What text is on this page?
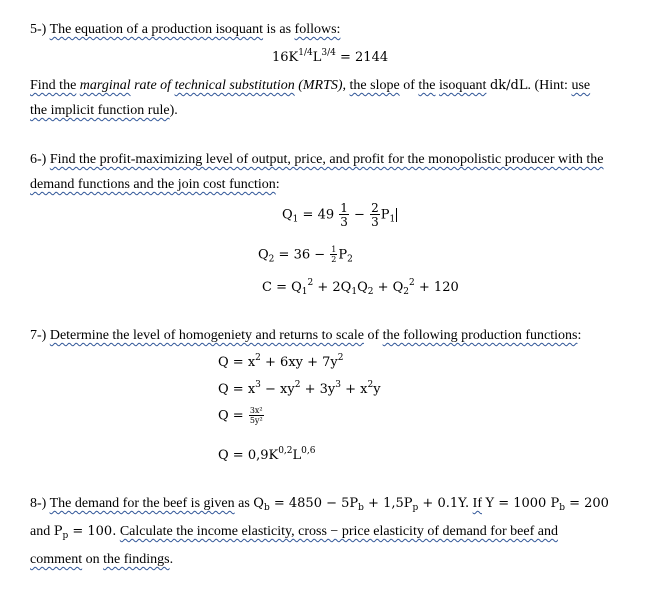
5-) The equation of a production isoquant is as follows:
$16K^{1/4}L^{3/4} = 2144$
Find the marginal rate of technical substitution (MRTS), the slope of the isoquant dk/dL. (Hint: use
the implicit function rule).
6-) Find the profit-maximizing level of output, price, and profit for the monopolistic producer with the
demand functions and the join cost function:
$Q_1 = 49 \frac{1}{3} - \frac{2}{3} P_1$
$Q_2 = 36 - \frac{1}{2} P_2$
$C = Q_1^2 + 2Q_1Q_2 + Q_2^2 + 120$
7-) Determine the level of homogeniety and returns to scale of the following production functions:
$Q = x^2 + 6xy + 7y^2$
$Q = x^3 - xy^2 + 3y^3 + x^2y$
$Q = \frac{\text{3x²}}{\text{5y²}}$
$Q = 0,9K^{0,2}L^{0,6}$
8-) The demand for the beef is given as $Q_b = 4850 - 5P_b + 1,5P_p + 0.1Y$. If Y = 1000 $P_b = 200$
and $P_p = 100$. Calculate the income elasticity, cross − price elasticity of demand for beef and
comment on the findings.
